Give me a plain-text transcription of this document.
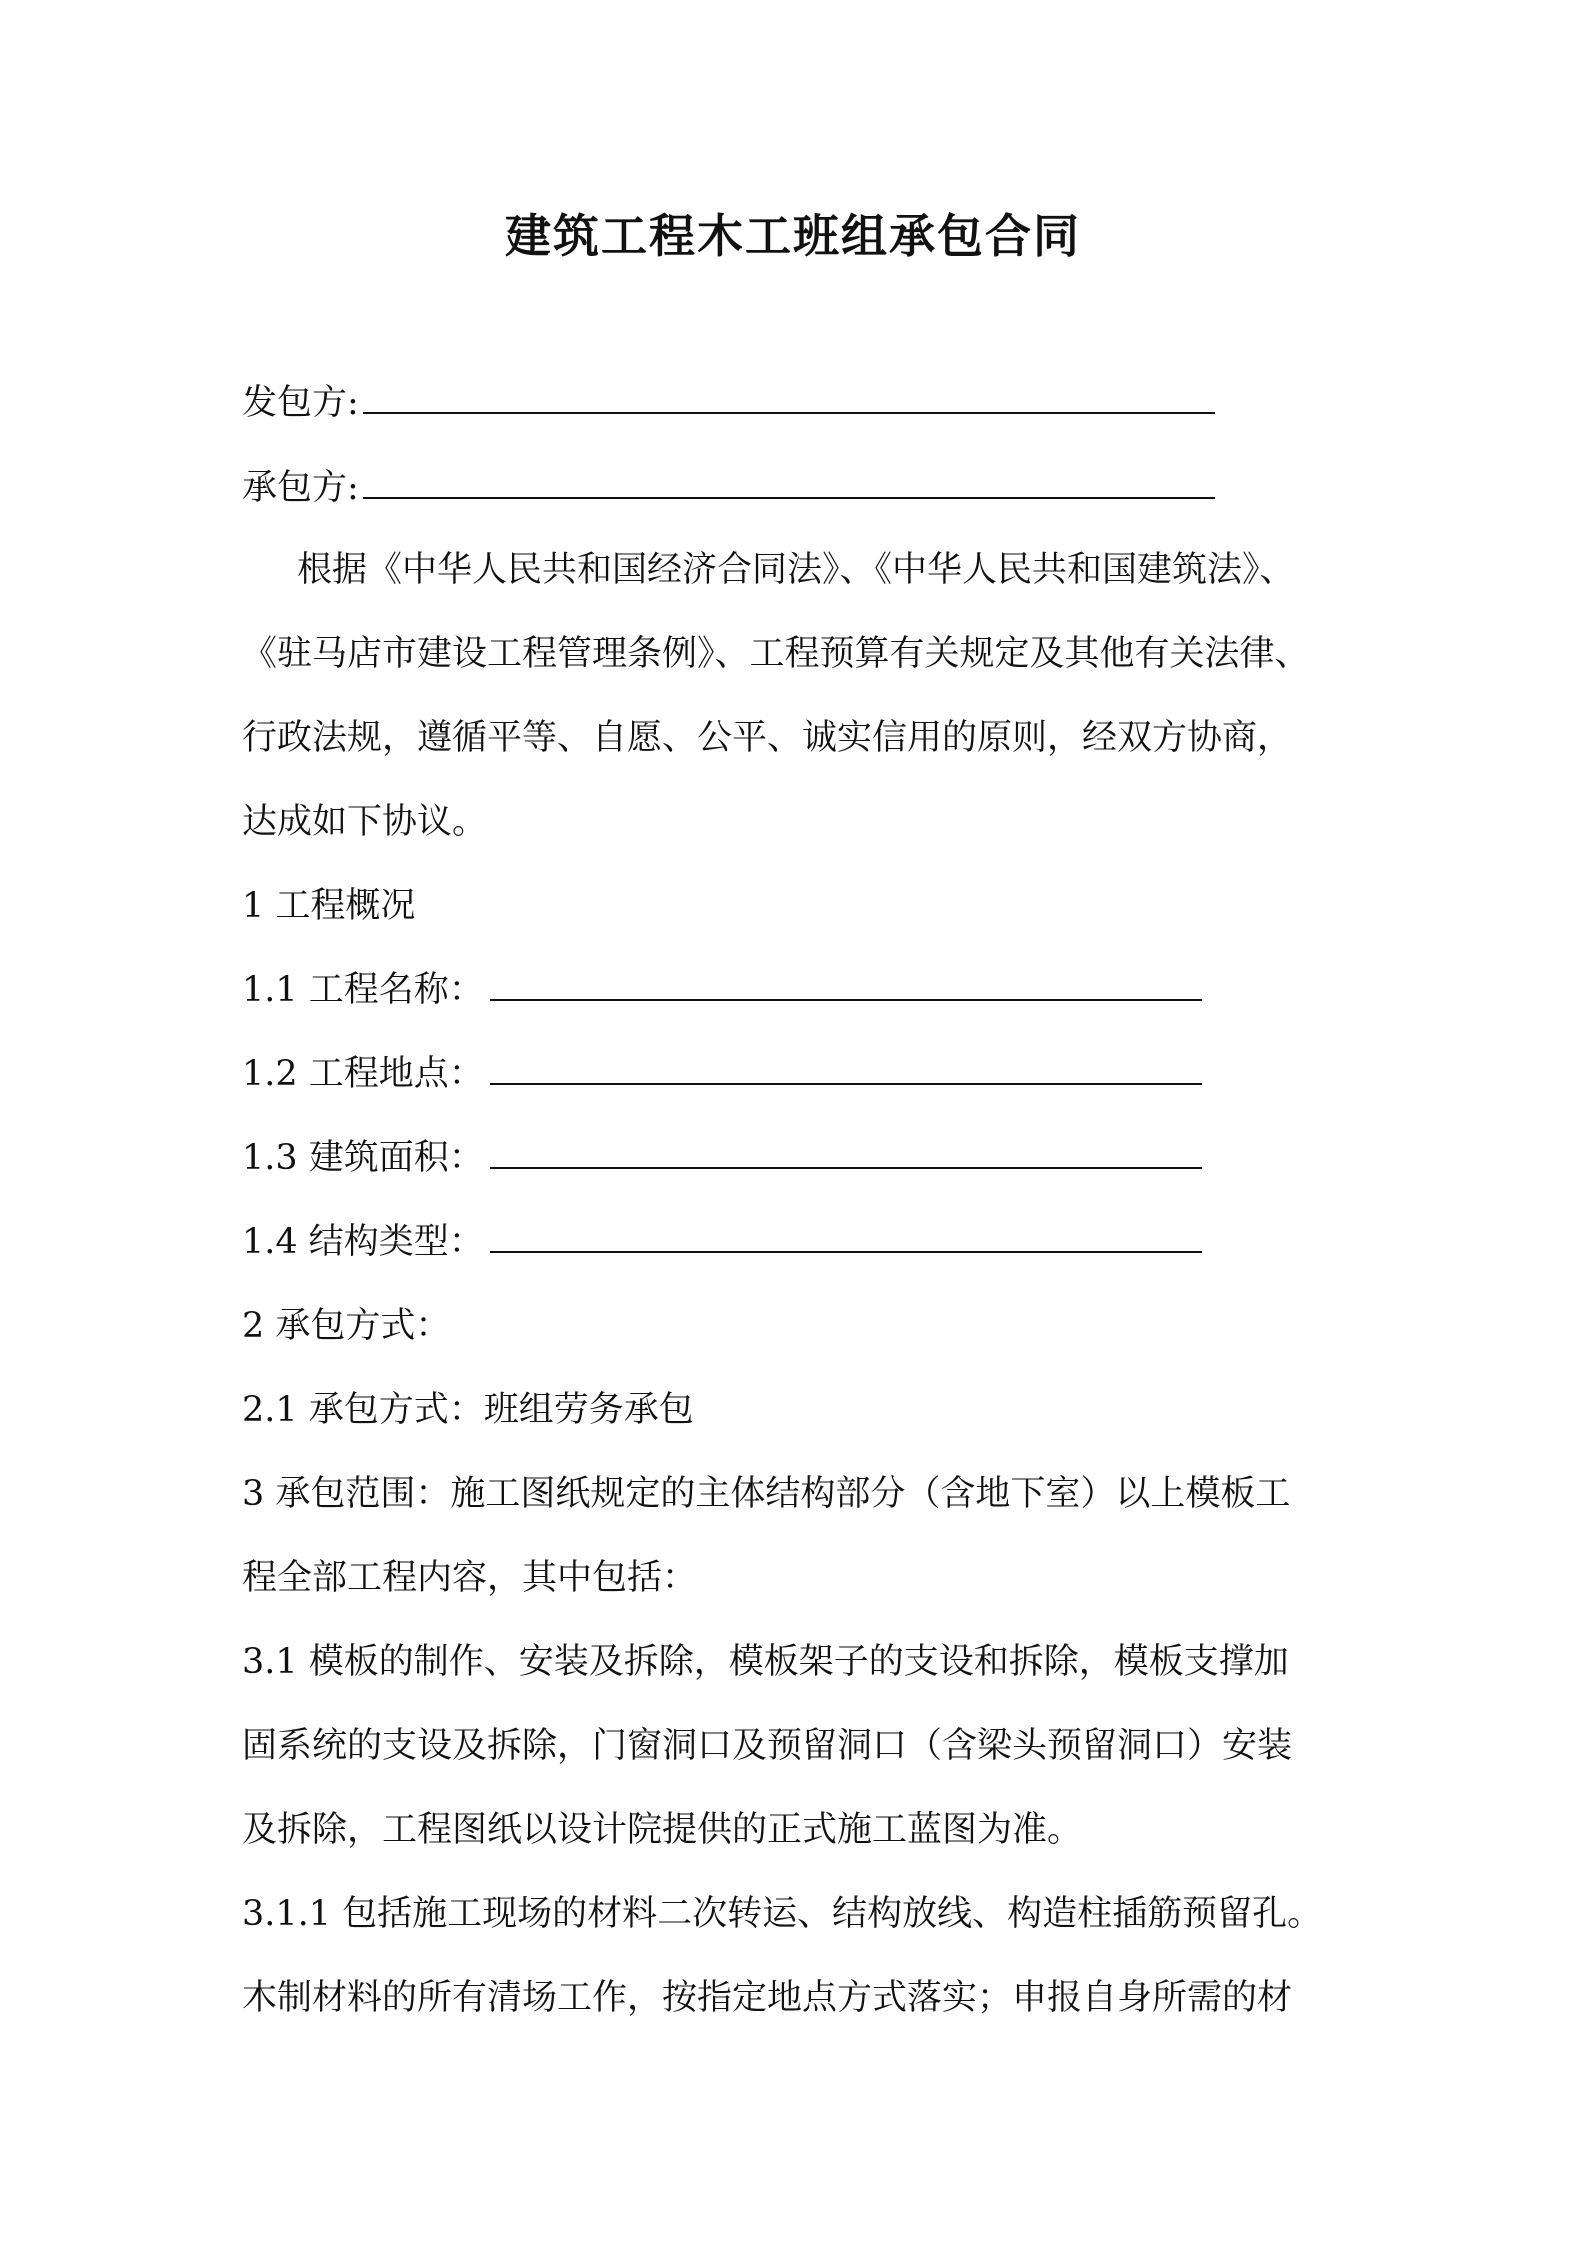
建筑工程木工班组承包合同
发包方:
承包方:
根据《中华人民共和国经济合同法》、《中华人民共和国建筑法》、
《驻马店市建设工程管理条例》、工程预算有关规定及其他有关法律、
行政法规，遵循平等、自愿、公平、诚实信用的原则，经双方协商，
达成如下协议。
1 工程概况
1.1 工程名称：
1.2 工程地点：
1.3 建筑面积：
1.4 结构类型：
2 承包方式：
2.1 承包方式：班组劳务承包
3 承包范围：施工图纸规定的主体结构部分（含地下室）以上模板工
程全部工程内容，其中包括：
3.1 模板的制作、安装及拆除，模板架子的支设和拆除，模板支撑加
固系统的支设及拆除，门窗洞口及预留洞口（含梁头预留洞口）安装
及拆除，工程图纸以设计院提供的正式施工蓝图为准。
3.1.1 包括施工现场的材料二次转运、结构放线、构造柱插筋预留孔。
木制材料的所有清场工作，按指定地点方式落实；申报自身所需的材
